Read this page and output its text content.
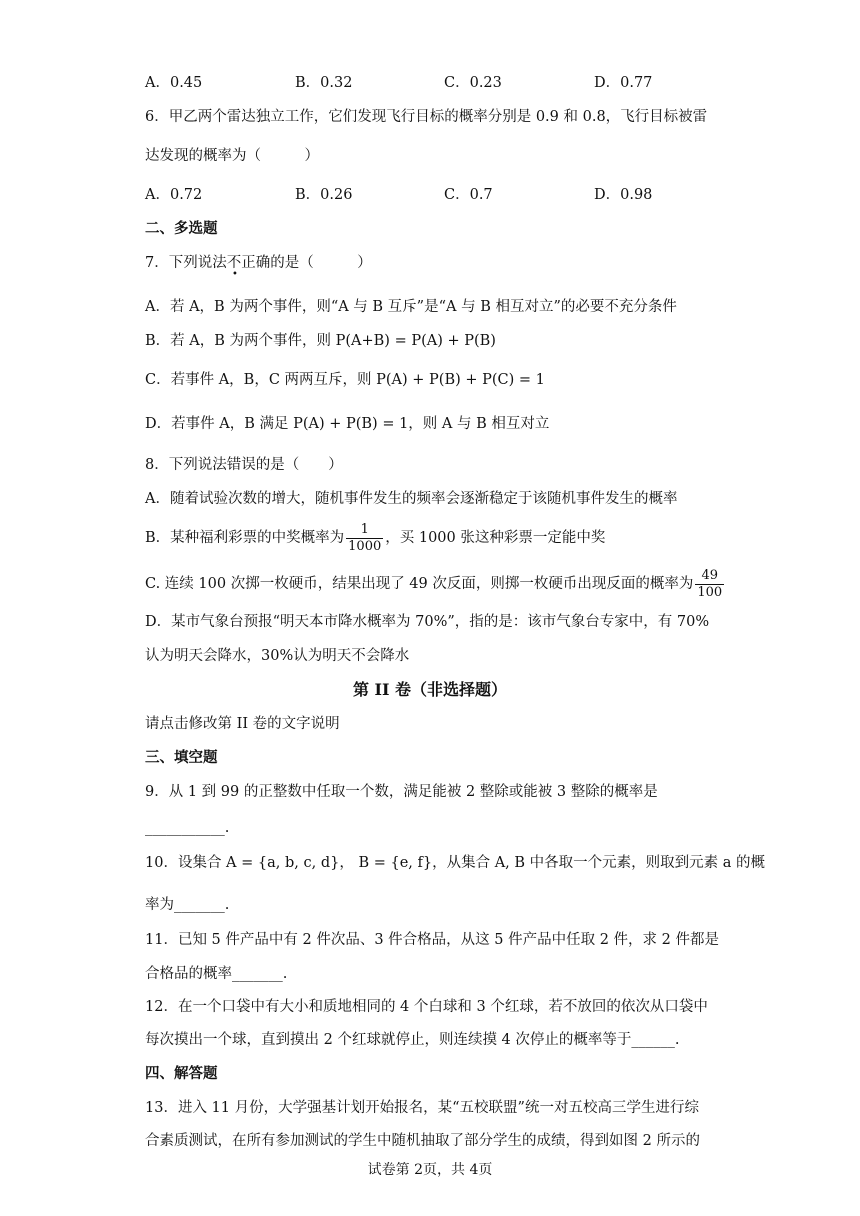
A．0.45	B．0.32	C．0.23	D．0.77
6．甲乙两个雷达独立工作，它们发现飞行目标的概率分别是 0.9 和 0.8，飞行目标被雷
达发现的概率为（　　　）
A．0.72	B．0.26	C．0.7	D．0.98
二、多选题
7．下列说法不正确的是（　　　）
•
A．若 A，B 为两个事件，则“A 与 B 互斥”是“A 与 B 相互对立”的必要不充分条件
B．若 A，B 为两个事件，则 P(A+B) = P(A) + P(B)
C．若事件 A，B，C 两两互斥，则 P(A) + P(B) + P(C) = 1
D．若事件 A，B 满足 P(A) + P(B) = 1，则 A 与 B 相互对立
8．下列说法错误的是（　　）
A．随着试验次数的增大，随机事件发生的频率会逐渐稳定于该随机事件发生的概率
B．某种福利彩票的中奖概率为 $\frac{1}{1000}$ ，买 1000 张这种彩票一定能中奖
C. 连续 100 次掷一枚硬币，结果出现了 49 次反面，则掷一枚硬币出现反面的概率为 $\frac{49}{100}$
D．某市气象台预报“明天本市降水概率为 70%”，指的是：该市气象台专家中，有 70%
认为明天会降水，30%认为明天不会降水
第 II 卷（非选择题）
请点击修改第 II 卷的文字说明
三、填空题
9．从 1 到 99 的正整数中任取一个数，满足能被 2 整除或能被 3 整除的概率是
___________.
10．设集合 A = {a, b, c, d}， B = {e, f}，从集合 A, B 中各取一个元素，则取到元素 a 的概
率为_______.
11．已知 5 件产品中有 2 件次品、3 件合格品，从这 5 件产品中任取 2 件，求 2 件都是
合格品的概率_______.
12．在一个口袋中有大小和质地相同的 4 个白球和 3 个红球，若不放回的依次从口袋中
每次摸出一个球，直到摸出 2 个红球就停止，则连续摸 4 次停止的概率等于______.
四、解答题
13．进入 11 月份，大学强基计划开始报名，某“五校联盟”统一对五校高三学生进行综
合素质测试，在所有参加测试的学生中随机抽取了部分学生的成绩，得到如图 2 所示的
试卷第 2页，共 4页
